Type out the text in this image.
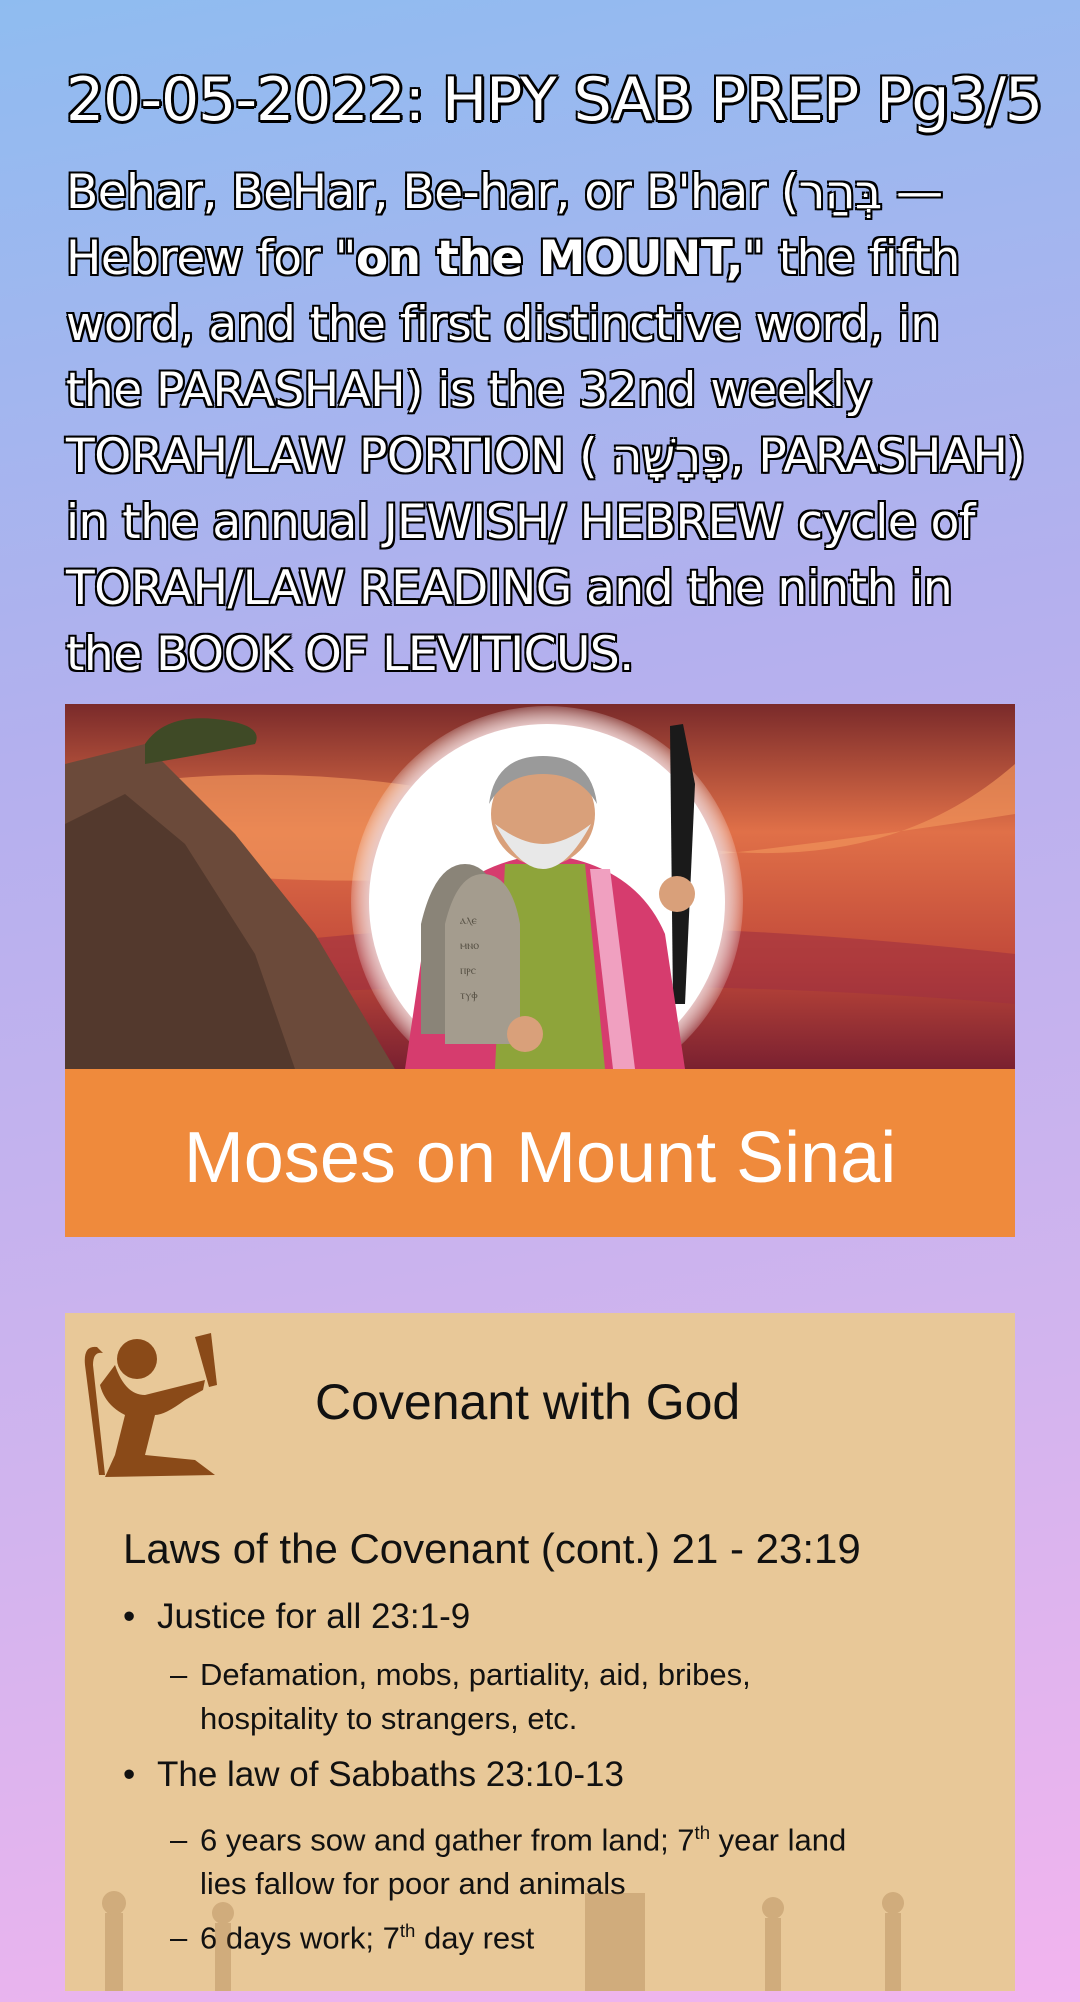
20-05-2022: HPY SAB PREP Pg3/5
Behar, BeHar, Be-har, or B'har (בְּהַר — Hebrew for "on the MOUNT," the fifth word, and the first distinctive word, in the PARASHAH) is the 32nd weekly TORAH/LAW PORTION ( פָּרָשָׁה, PARASHAH) in the annual JEWISH/ HEBREW cycle of TORAH/LAW READING and the ninth in the BOOK OF LEVITICUS.
ⲁⲗⲉ
ⲙⲛⲟ
ⲡⲣⲥ
ⲧⲩⲫ
Moses on Mount Sinai
Covenant with God
Laws of the Covenant (cont.) 21 - 23:19
• Justice for all 23:1-9
– Defamation, mobs, partiality, aid, bribes,
hospitality to strangers, etc.
• The law of Sabbaths 23:10-13
– 6 years sow and gather from land; 7th year land
lies fallow for poor and animals
– 6 days work; 7th day rest
